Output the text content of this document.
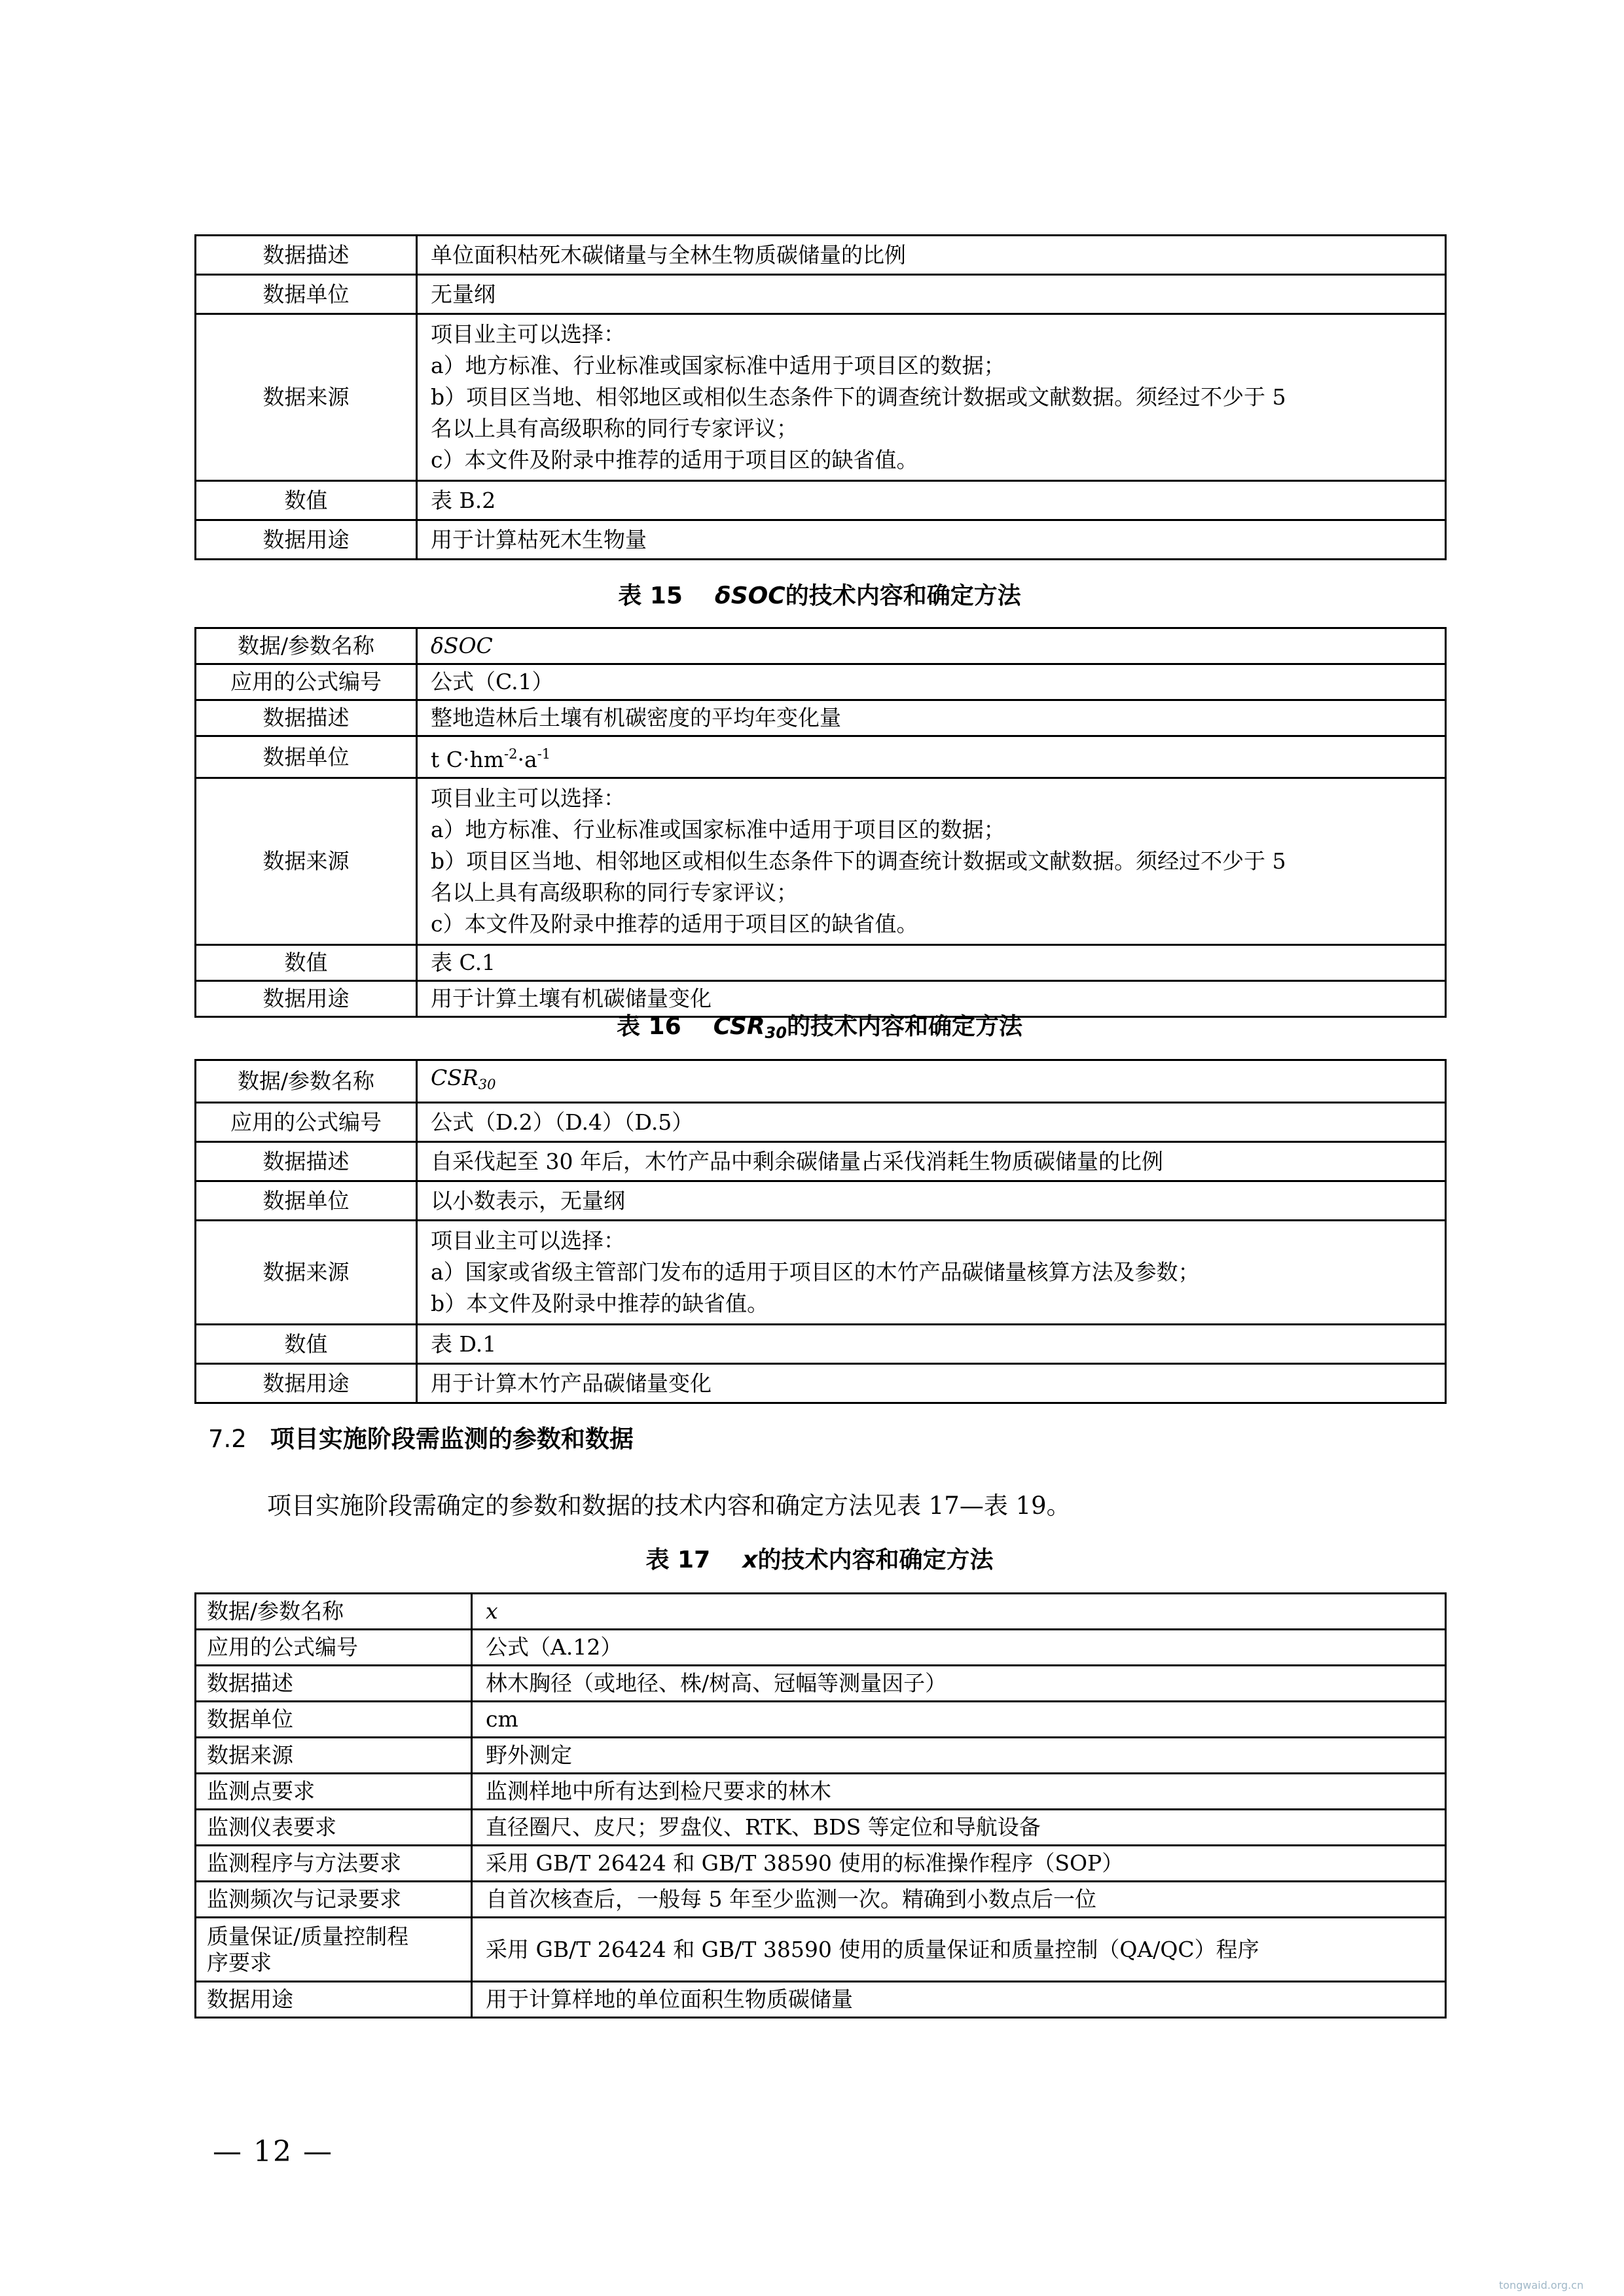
数据描述	单位面积枯死木碳储量与全林生物质碳储量的比例
数据单位	无量纲
数据来源	项目业主可以选择：
a）地方标准、行业标准或国家标准中适用于项目区的数据；
b）项目区当地、相邻地区或相似生态条件下的调查统计数据或文献数据。须经过不少于 5
名以上具有高级职称的同行专家评议；
c）本文件及附录中推荐的适用于项目区的缺省值。

数值	表 B.2
数据用途	用于计算枯死木生物量
表 15 δSOC的技术内容和确定方法
数据/参数名称	δSOC
应用的公式编号	公式（C.1）
数据描述	整地造林后土壤有机碳密度的平均年变化量
数据单位	t $C\cdot hm^{-2}\cdot a^{-1}$
数据来源	项目业主可以选择：
a）地方标准、行业标准或国家标准中适用于项目区的数据；
b）项目区当地、相邻地区或相似生态条件下的调查统计数据或文献数据。须经过不少于 5
名以上具有高级职称的同行专家评议；
c）本文件及附录中推荐的适用于项目区的缺省值。

数值	表 C.1
数据用途	用于计算土壤有机碳储量变化
表 16 $CSR_{30}$的技术内容和确定方法
数据/参数名称	$CSR_{30}$
应用的公式编号	公式（D.2）（D.4）（D.5）
数据描述	自采伐起至 30 年后，木竹产品中剩余碳储量占采伐消耗生物质碳储量的比例
数据单位	以小数表示，无量纲
数据来源	项目业主可以选择：
a）国家或省级主管部门发布的适用于项目区的木竹产品碳储量核算方法及参数；
b）本文件及附录中推荐的缺省值。

数值	表 D.1
数据用途	用于计算木竹产品碳储量变化
7.2 项目实施阶段需监测的参数和数据
项目实施阶段需确定的参数和数据的技术内容和确定方法见表 17—表 19。
表 17 x的技术内容和确定方法
数据/参数名称	x
应用的公式编号	公式（A.12）
数据描述	林木胸径（或地径、株/树高、冠幅等测量因子）
数据单位	cm
数据来源	野外测定
监测点要求	监测样地中所有达到检尺要求的林木
监测仪表要求	直径圈尺、皮尺；罗盘仪、RTK、BDS 等定位和导航设备
监测程序与方法要求	采用 GB/T 26424 和 GB/T 38590 使用的标准操作程序（SOP）
监测频次与记录要求	自首次核查后，一般每 5 年至少监测一次。精确到小数点后一位

质量保证/质量控制程
序要求	采用 GB/T 26424 和 GB/T 38590 使用的质量保证和质量控制（QA/QC）程序
数据用途	用于计算样地的单位面积生物质碳储量
— 12 —
tongwaid.org.cn
